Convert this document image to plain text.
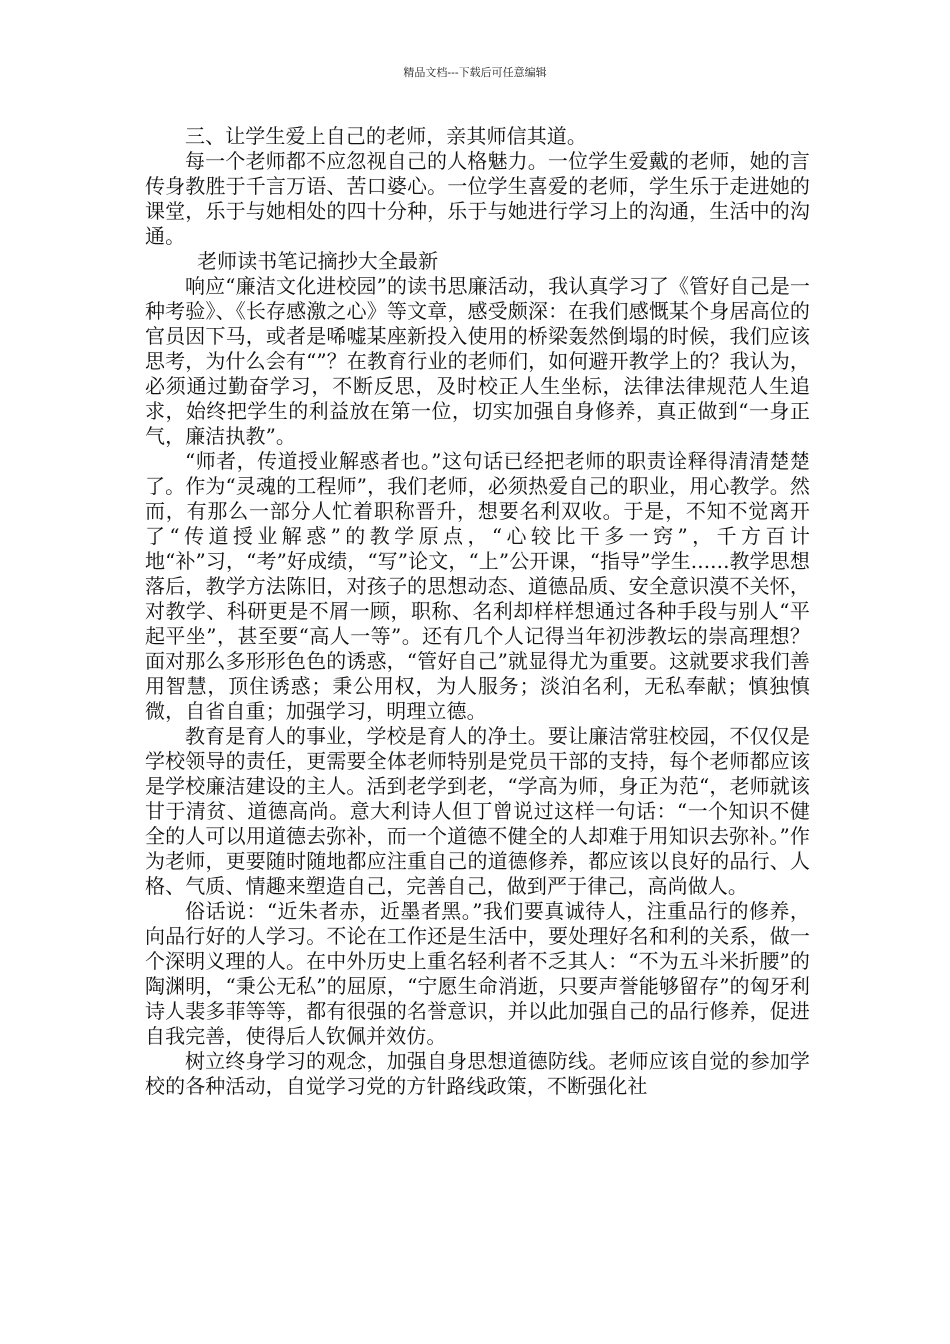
精品文档---下载后可任意编辑

三、让学生爱上自己的老师，亲其师信其道。

每一个老师都不应忽视自己的人格魅力。一位学生爱戴的老师，她的言传身教胜于千言万语、苦口婆心。一位学生喜爱的老师，学生乐于走进她的课堂，乐于与她相处的四十分种，乐于与她进行学习上的沟通，生活中的沟通。

老师读书笔记摘抄大全最新

响应“廉洁文化进校园”的读书思廉活动，我认真学习了《管好自己是一种考验》、《长存感激之心》等文章，感受颇深：在我们感慨某个身居高位的官员因下马，或者是唏嘘某座新投入使用的桥梁轰然倒塌的时候，我们应该思考，为什么会有“”？在教育行业的老师们，如何避开教学上的？我认为，必须通过勤奋学习，不断反思，及时校正人生坐标，法律法律规范人生追求，始终把学生的利益放在第一位，切实加强自身修养，真正做到“一身正气，廉洁执教”。

“师者，传道授业解惑者也。”这句话已经把老师的职责诠释得清清楚楚了。作为“灵魂的工程师”，我们老师，必须热爱自己的职业，用心教学。然而，有那么一部分人忙着职称晋升，想要名利双收。于是，不知不觉离开了“传道授业解惑”的教学原点，“心较比干多一窍”，千方百计地“补”习，“考”好成绩，“写”论文，“上”公开课，“指导”学生......教学思想落后，教学方法陈旧，对孩子的思想动态、道德品质、安全意识漠不关怀，对教学、科研更是不屑一顾，职称、名利却样样想通过各种手段与别人“平起平坐”，甚至要“高人一等”。还有几个人记得当年初涉教坛的崇高理想？面对那么多形形色色的诱惑，“管好自己”就显得尤为重要。这就要求我们善用智慧，顶住诱惑；秉公用权，为人服务；淡泊名利，无私奉献；慎独慎微，自省自重；加强学习，明理立德。

教育是育人的事业，学校是育人的净土。要让廉洁常驻校园，不仅仅是学校领导的责任，更需要全体老师特别是党员干部的支持，每个老师都应该是学校廉洁建设的主人。活到老学到老，“学高为师，身正为范“，老师就该甘于清贫、道德高尚。意大利诗人但丁曾说过这样一句话：“一个知识不健全的人可以用道德去弥补，而一个道德不健全的人却难于用知识去弥补。”作为老师，更要随时随地都应注重自己的道德修养，都应该以良好的品行、人格、气质、情趣来塑造自己，完善自己，做到严于律己，高尚做人。

俗话说：“近朱者赤，近墨者黑。”我们要真诚待人，注重品行的修养，向品行好的人学习。不论在工作还是生活中，要处理好名和利的关系，做一个深明义理的人。在中外历史上重名轻利者不乏其人：“不为五斗米折腰”的陶渊明，“秉公无私”的屈原，“宁愿生命消逝，只要声誉能够留存”的匈牙利诗人裴多菲等等，都有很强的名誉意识，并以此加强自己的品行修养，促进自我完善，使得后人钦佩并效仿。

树立终身学习的观念，加强自身思想道德防线。老师应该自觉的参加学校的各种活动，自觉学习党的方针路线政策，不断强化社
